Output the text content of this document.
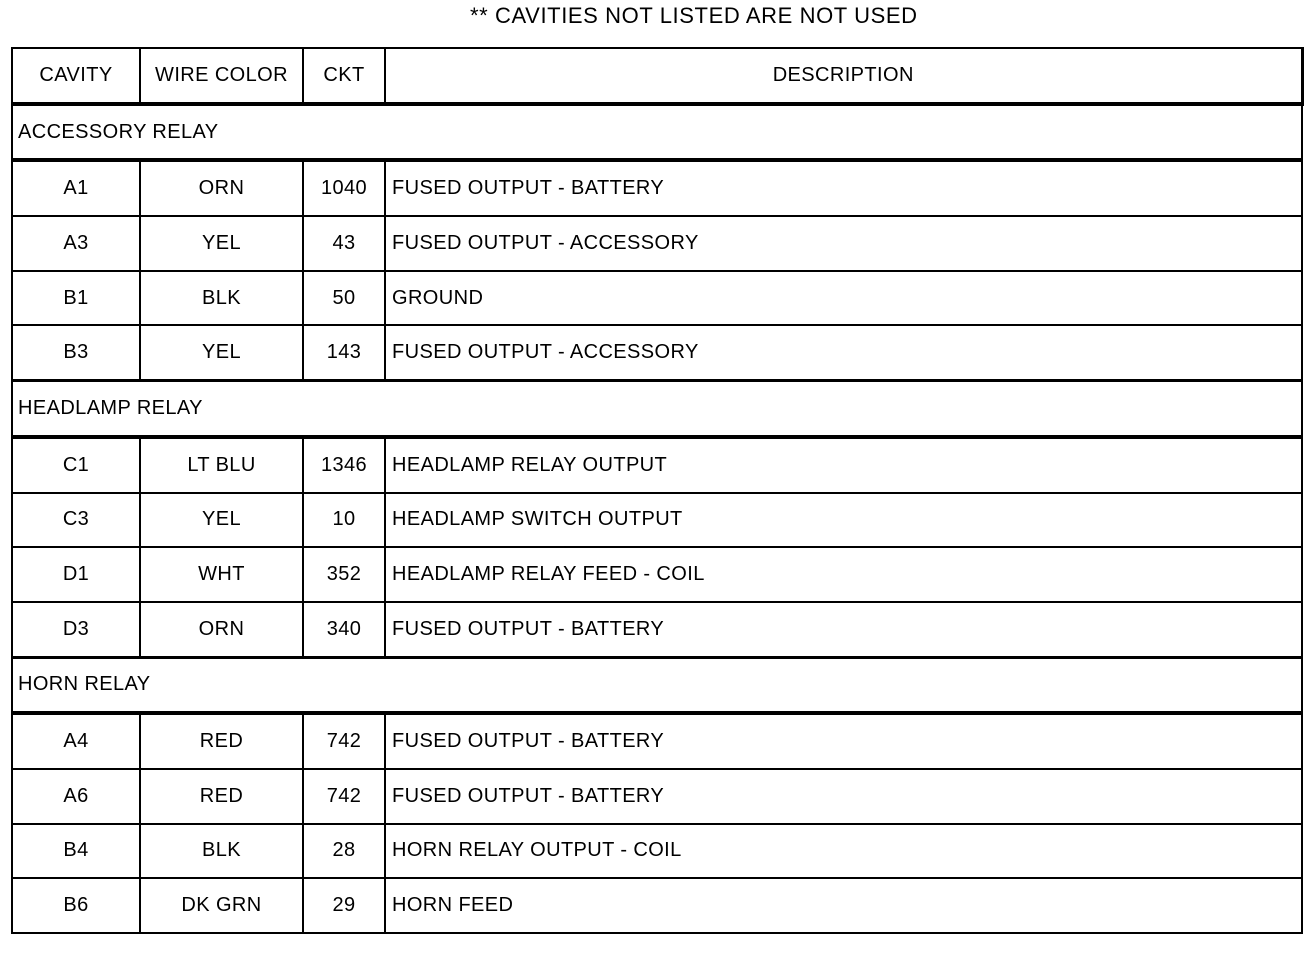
** CAVITIES NOT LISTED ARE NOT USED
CAVITY	WIRE COLOR	CKT	DESCRIPTION
ACCESSORY RELAY			
A1	ORN	1040	FUSED OUTPUT - BATTERY
A3	YEL	43	FUSED OUTPUT - ACCESSORY
B1	BLK	50	GROUND
B3	YEL	143	FUSED OUTPUT - ACCESSORY
HEADLAMP RELAY			
C1	LT BLU	1346	HEADLAMP RELAY OUTPUT
C3	YEL	10	HEADLAMP SWITCH OUTPUT
D1	WHT	352	HEADLAMP RELAY FEED - COIL
D3	ORN	340	FUSED OUTPUT - BATTERY
HORN RELAY			
A4	RED	742	FUSED OUTPUT - BATTERY
A6	RED	742	FUSED OUTPUT - BATTERY
B4	BLK	28	HORN RELAY OUTPUT - COIL
B6	DK GRN	29	HORN FEED
